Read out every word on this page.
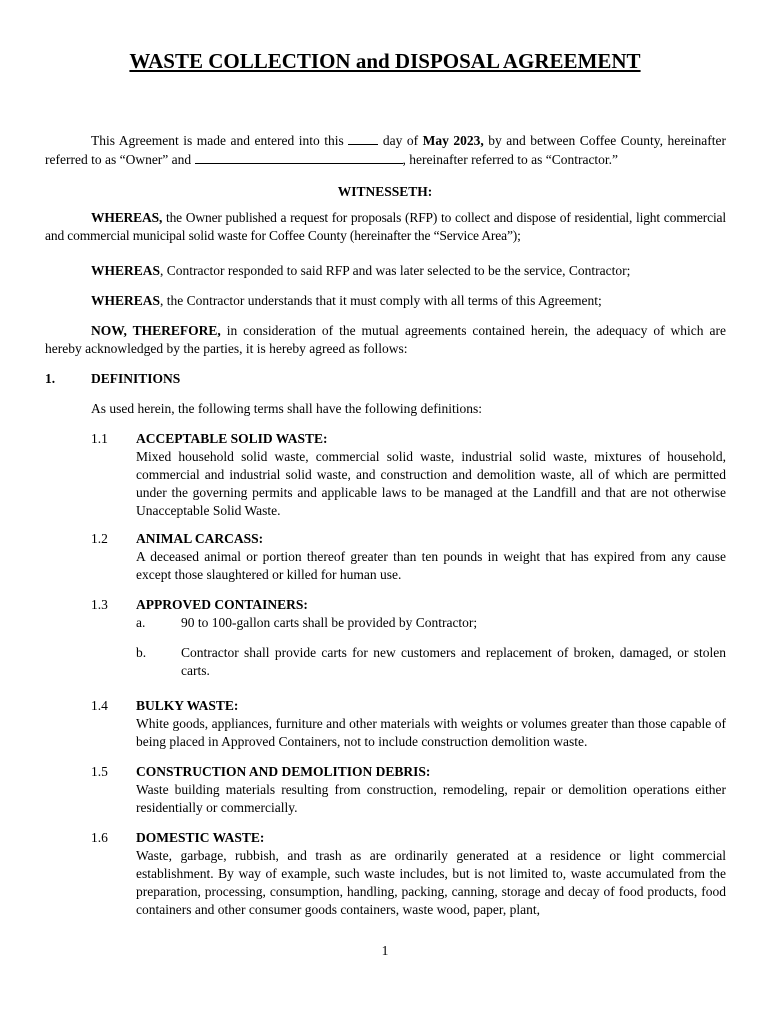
WASTE COLLECTION and DISPOSAL AGREEMENT
This Agreement is made and entered into this  day of May 2023, by and between Coffee County, hereinafter referred to as “Owner” and	, hereinafter referred to as “Contractor.”
WITNESSETH:
WHEREAS, the Owner published a request for proposals (RFP) to collect and dispose of residential, light commercial and commercial municipal solid waste for Coffee County (hereinafter the “Service Area”);
WHEREAS, Contractor responded to said RFP and was later selected to be the service, Contractor;
WHEREAS, the Contractor understands that it must comply with all terms of this Agreement;
NOW, THEREFORE, in consideration of the mutual agreements contained herein, the adequacy of which are hereby acknowledged by the parties, it is hereby agreed as follows:
1.	DEFINITIONS
As used herein, the following terms shall have the following definitions:
1.1 ACCEPTABLE SOLID WASTE:
Mixed household solid waste, commercial solid waste, industrial solid waste, mixtures of household, commercial and industrial solid waste, and construction and demolition waste, all of which are permitted under the governing permits and applicable laws to be managed at the Landfill and that are not otherwise Unacceptable Solid Waste.
1.2 ANIMAL CARCASS:
A deceased animal or portion thereof greater than ten pounds in weight that has expired from any cause except those slaughtered or killed for human use.
1.3 APPROVED CONTAINERS:
a.	90 to 100-gallon carts shall be provided by Contractor;
b.	Contractor shall provide carts for new customers and replacement of broken, damaged, or stolen carts.
1.4 BULKY WASTE:
White goods, appliances, furniture and other materials with weights or volumes greater than those capable of being placed in Approved Containers, not to include construction demolition waste.
1.5 CONSTRUCTION AND DEMOLITION DEBRIS:
Waste building materials resulting from construction, remodeling, repair or demolition operations either residentially or commercially.
1.6 DOMESTIC WASTE:
Waste, garbage, rubbish, and trash as are ordinarily generated at a residence or light commercial establishment. By way of example, such waste includes, but is not limited to, waste accumulated from the preparation, processing, consumption, handling, packing, canning, storage and decay of food products, food containers and other consumer goods containers, waste wood, paper, plant,
1
